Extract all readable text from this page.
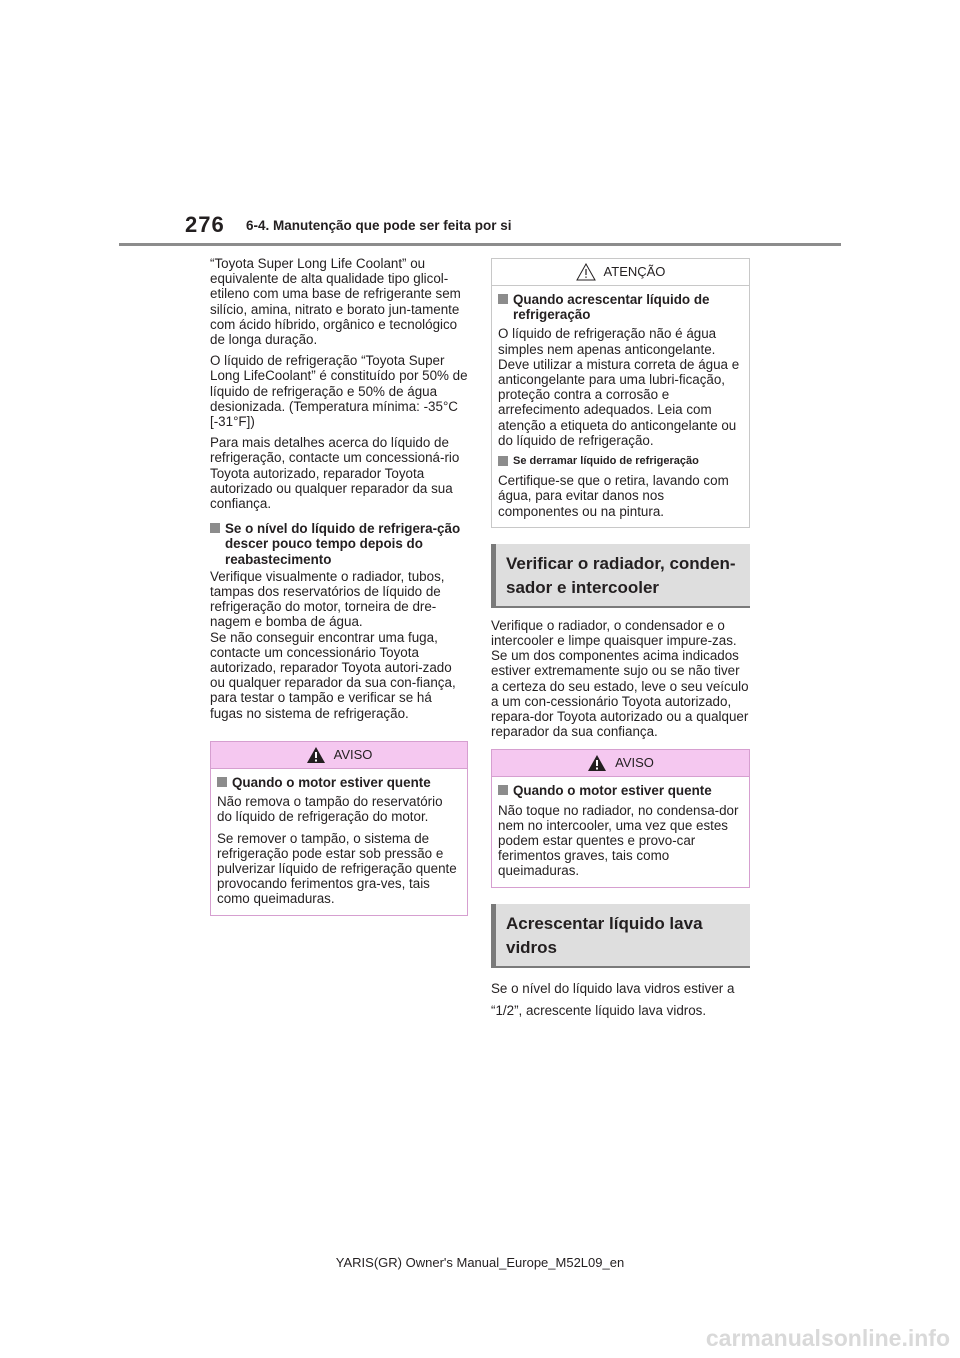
276 6-4. Manutenção que pode ser feita por si

“Toyota Super Long Life Coolant” ou equivalente de alta qualidade tipo glicol-etileno com uma base de refrigerante sem silício, amina, nitrato e borato jun-tamente com ácido híbrido, orgânico e tecnológico de longa duração.

O líquido de refrigeração “Toyota Super Long LifeCoolant” é constituído por 50% de líquido de refrigeração e 50% de água desionizada. (Temperatura mínima: -35°C [-31°F])

Para mais detalhes acerca do líquido de refrigeração, contacte um concessioná-rio Toyota autorizado, reparador Toyota autorizado ou qualquer reparador da sua confiança.

Se o nível do líquido de refrigera-ção descer pouco tempo depois do reabastecimento

Verifique visualmente o radiador, tubos, tampas dos reservatórios de líquido de refrigeração do motor, torneira de dre-nagem e bomba de água.

Se não conseguir encontrar uma fuga, contacte um concessionário Toyota autorizado, reparador Toyota autori-zado ou qualquer reparador da sua con-fiança, para testar o tampão e verificar se há fugas no sistema de refrigeração.

AVISO
Quando o motor estiver quente

Não remova o tampão do reservatório do líquido de refrigeração do motor.

Se remover o tampão, o sistema de refrigeração pode estar sob pressão e pulverizar líquido de refrigeração quente provocando ferimentos gra-ves, tais como queimaduras.

ATENÇÃO
Quando acrescentar líquido de refrigeração

O líquido de refrigeração não é água simples nem apenas anticongelante. Deve utilizar a mistura correta de água e anticongelante para uma lubri-ficação, proteção contra a corrosão e arrefecimento adequados. Leia com atenção a etiqueta do anticongelante ou do líquido de refrigeração.

Se derramar líquido de refrigeração

Certifique-se que o retira, lavando com água, para evitar danos nos componentes ou na pintura.

Verificar o radiador, conden-sador e intercooler

Verifique o radiador, o condensador e o intercooler e limpe quaisquer impure-zas. Se um dos componentes acima indicados estiver extremamente sujo ou se não tiver a certeza do seu estado, leve o seu veículo a um con-cessionário Toyota autorizado, repara-dor Toyota autorizado ou a qualquer reparador da sua confiança.

AVISO
Quando o motor estiver quente

Não toque no radiador, no condensa-dor nem no intercooler, uma vez que estes podem estar quentes e provo-car ferimentos graves, tais como queimaduras.

Acrescentar líquido lava vidros

Se o nível do líquido lava vidros estiver a “1/2”, acrescente líquido lava vidros.

YARIS(GR) Owner's Manual_Europe_M52L09_en
carmanualsonline.info
